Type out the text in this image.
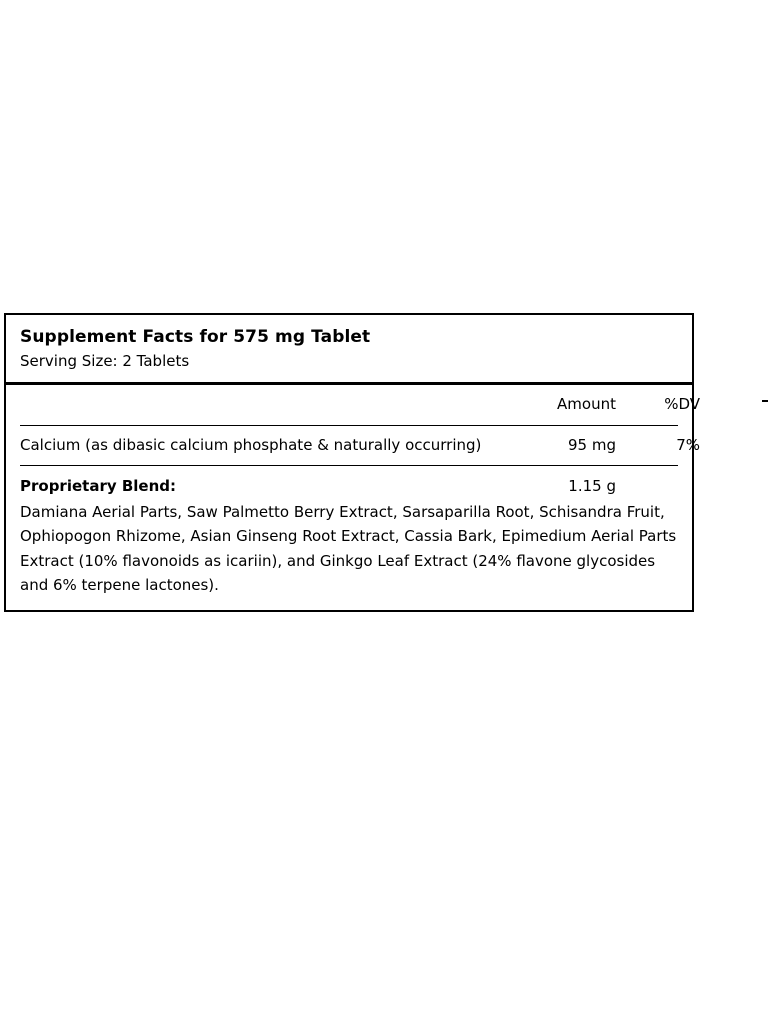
Supplement Facts for 575 mg Tablet
Serving Size: 2 Tablets
	Amount	%DV
Calcium (as dibasic calcium phosphate & naturally occurring)	95 mg	7%
Proprietary Blend:	1.15 g	
Damiana Aerial Parts, Saw Palmetto Berry Extract, Sarsaparilla Root, Schisandra Fruit, Ophiopogon Rhizome, Asian Ginseng Root Extract, Cassia Bark, Epimedium Aerial Parts Extract (10% flavonoids as icariin), and Ginkgo Leaf Extract (24% flavone glycosides and 6% terpene lactones).
